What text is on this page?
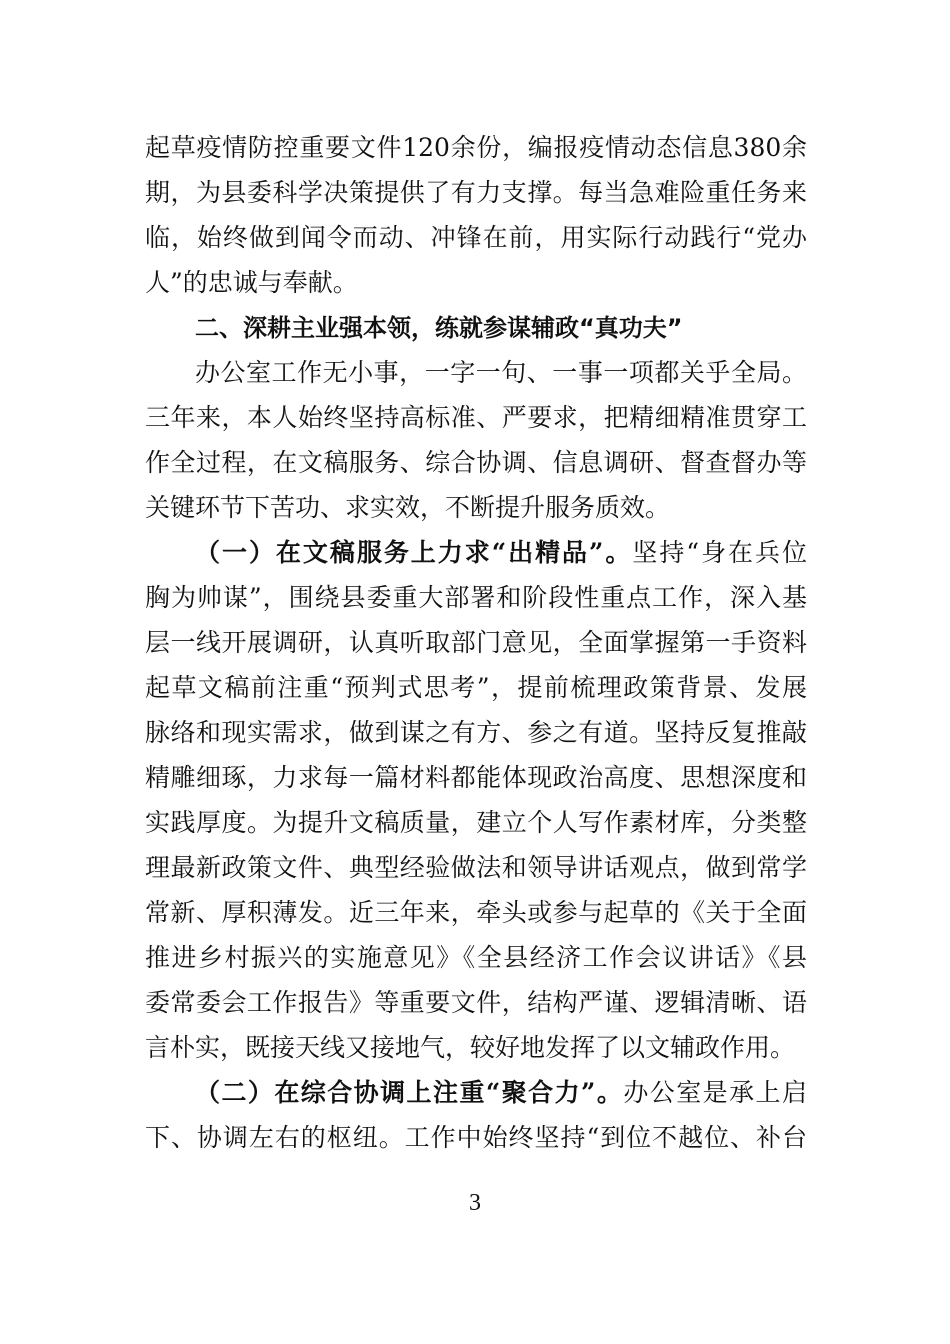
起草疫情防控重要文件120余份，编报疫情动态信息380余
期，为县委科学决策提供了有力支撑。每当急难险重任务来
临，始终做到闻令而动、冲锋在前，用实际行动践行“党办
人”的忠诚与奉献。
二、深耕主业强本领，练就参谋辅政“真功夫”
办公室工作无小事，一字一句、一事一项都关乎全局。
三年来，本人始终坚持高标准、严要求，把精细精准贯穿工
作全过程，在文稿服务、综合协调、信息调研、督查督办等
关键环节下苦功、求实效，不断提升服务质效。
（一）在文稿服务上力求“出精品”。坚持“身在兵位
胸为帅谋”，围绕县委重大部署和阶段性重点工作，深入基
层一线开展调研，认真听取部门意见，全面掌握第一手资料
起草文稿前注重“预判式思考”，提前梳理政策背景、发展
脉络和现实需求，做到谋之有方、参之有道。坚持反复推敲
精雕细琢，力求每一篇材料都能体现政治高度、思想深度和
实践厚度。为提升文稿质量，建立个人写作素材库，分类整
理最新政策文件、典型经验做法和领导讲话观点，做到常学
常新、厚积薄发。近三年来，牵头或参与起草的《关于全面
推进乡村振兴的实施意见》《全县经济工作会议讲话》《县
委常委会工作报告》等重要文件，结构严谨、逻辑清晰、语
言朴实，既接天线又接地气，较好地发挥了以文辅政作用。
（二）在综合协调上注重“聚合力”。办公室是承上启
下、协调左右的枢纽。工作中始终坚持“到位不越位、补台
3
